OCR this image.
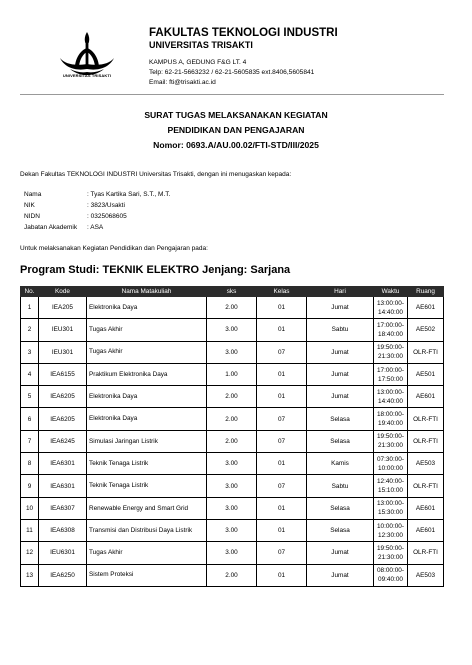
UNIVERSITAS TRISAKTI
FAKULTAS TEKNOLOGI INDUSTRI
UNIVERSITAS TRISAKTI
KAMPUS A, GEDUNG F&G LT. 4
Telp: 62-21-5663232 / 62-21-5605835 ext.8406,5605841
Email: fti@trisakti.ac.id
SURAT TUGAS MELAKSANAKAN KEGIATAN
PENDIDIKAN DAN PENGAJARAN
Nomor: 0693.A/AU.00.02/FTI-STD/III/2025
Dekan Fakultas TEKNOLOGI INDUSTRI Universitas Trisakti, dengan ini menugaskan kepada:
Nama	: Tyas Kartika Sari, S.T., M.T.
NIK	: 3823/Usakti
NIDN	: 0325068605
Jabatan Akademik : ASA
Untuk melaksanakan Kegiatan Pendidikan dan Pengajaran pada:
Program Studi: TEKNIK ELEKTRO Jenjang: Sarjana
No.	Kode	Nama Matakuliah	sks	Kelas	Hari	Waktu	Ruang
1	IEA205	Elektronika Daya	2.00	01	Jumat	13:00:00-
14:40:00	AE601
2	IEU301	Tugas Akhir	3.00	01	Sabtu	17:00:00-
18:40:00	AE502
3	IEU301	Tugas Akhir	3.00	07	Jumat	19:50:00-
21:30:00	OLR-FTI
4	IEA6155	Praktikum Elektronika Daya	1.00	01	Jumat	17:00:00-
17:50:00	AE501
5	IEA6205	Elektronika Daya	2.00	01	Jumat	13:00:00-
14:40:00	AE601
6	IEA6205	Elektronika Daya	2.00	07	Selasa	18:00:00-
19:40:00	OLR-FTI
7	IEA6245	Simulasi Jaringan Listrik	2.00	07	Selasa	19:50:00-
21:30:00	OLR-FTI
8	IEA6301	Teknik Tenaga Listrik	3.00	01	Kamis	07:30:00-
10:00:00	AE503
9	IEA6301	Teknik Tenaga Listrik	3.00	07	Sabtu	12:40:00-
15:10:00	OLR-FTI
10	IEA6307	Renewable Energy and Smart Grid	3.00	01	Selasa	13:00:00-
15:30:00	AE601
11	IEA6308	Transmisi dan Distribusi Daya Listrik	3.00	01	Selasa	10:00:00-
12:30:00	AE601
12	IEU6301	Tugas Akhir	3.00	07	Jumat	19:50:00-
21:30:00	OLR-FTI
13	IEA6250	Sistem Proteksi	2.00	01	Jumat	08:00:00-
09:40:00	AE503
